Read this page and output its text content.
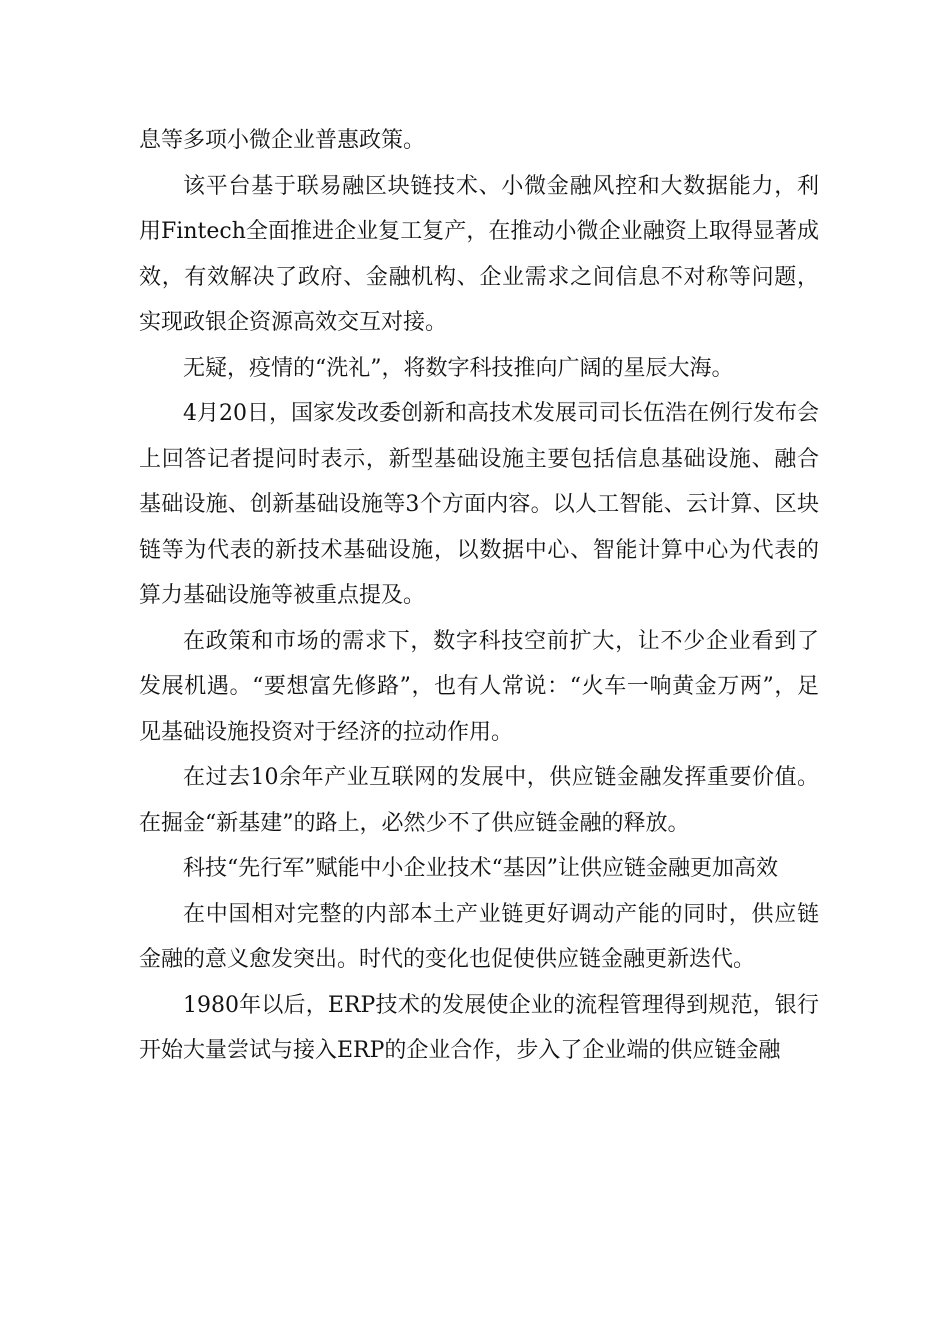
息等多项小微企业普惠政策。

该平台基于联易融区块链技术、小微金融风控和大数据能力，利用Fintech全面推进企业复工复产，在推动小微企业融资上取得显著成效，有效解决了政府、金融机构、企业需求之间信息不对称等问题，实现政银企资源高效交互对接。

无疑，疫情的“洗礼”，将数字科技推向广阔的星辰大海。

4月20日，国家发改委创新和高技术发展司司长伍浩在例行发布会上回答记者提问时表示，新型基础设施主要包括信息基础设施、融合基础设施、创新基础设施等3个方面内容。以人工智能、云计算、区块链等为代表的新技术基础设施，以数据中心、智能计算中心为代表的算力基础设施等被重点提及。

在政策和市场的需求下，数字科技空前扩大，让不少企业看到了发展机遇。“要想富先修路”，也有人常说：“火车一响黄金万两”，足见基础设施投资对于经济的拉动作用。

在过去10余年产业互联网的发展中，供应链金融发挥重要价值。在掘金“新基建”的路上，必然少不了供应链金融的释放。

科技“先行军”赋能中小企业技术“基因”让供应链金融更加高效

在中国相对完整的内部本土产业链更好调动产能的同时，供应链金融的意义愈发突出。时代的变化也促使供应链金融更新迭代。

1980年以后，ERP技术的发展使企业的流程管理得到规范，银行开始大量尝试与接入ERP的企业合作，步入了企业端的供应链金融
